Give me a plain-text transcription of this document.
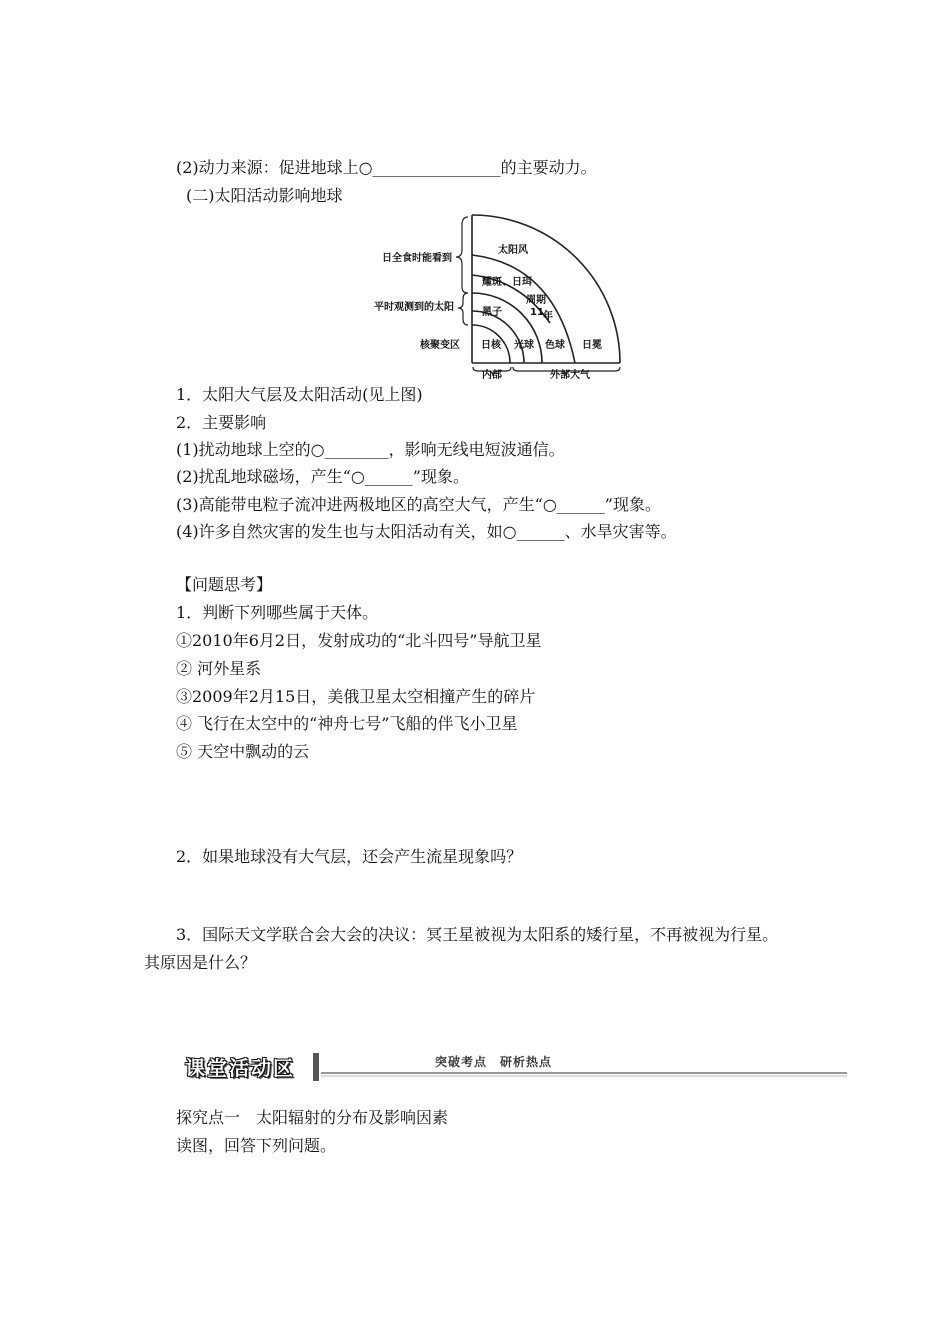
(2)动力来源：促进地球上○________________的主要动力。
(二)太阳活动影响地球
日全食时能看到
平时观测到的太阳
核聚变区
太阳风
耀斑、日珥
黑子
周期
11 年
日核 光球 色球 日冕
内部	外部大气
1．太阳大气层及太阳活动(见上图)
2．主要影响
(1)扰动地球上空的○________，影响无线电短波通信。
(2)扰乱地球磁场，产生“○______”现象。
(3)高能带电粒子流冲进两极地区的高空大气，产生“○______”现象。
(4)许多自然灾害的发生也与太阳活动有关，如○______、水旱灾害等。
【问题思考】
1．判断下列哪些属于天体。
①2010年6月2日，发射成功的“北斗四号”导航卫星
② 河外星系
③2009年2月15日，美俄卫星太空相撞产生的碎片
④ 飞行在太空中的“神舟七号”飞船的伴飞小卫星
⑤ 天空中飘动的云
2．如果地球没有大气层，还会产生流星现象吗？
3．国际天文学联合会大会的决议：冥王星被视为太阳系的矮行星，不再被视为行星。
其原因是什么？
课堂活动区	突破考点　研析热点
探究点一　太阳辐射的分布及影响因素
读图，回答下列问题。
